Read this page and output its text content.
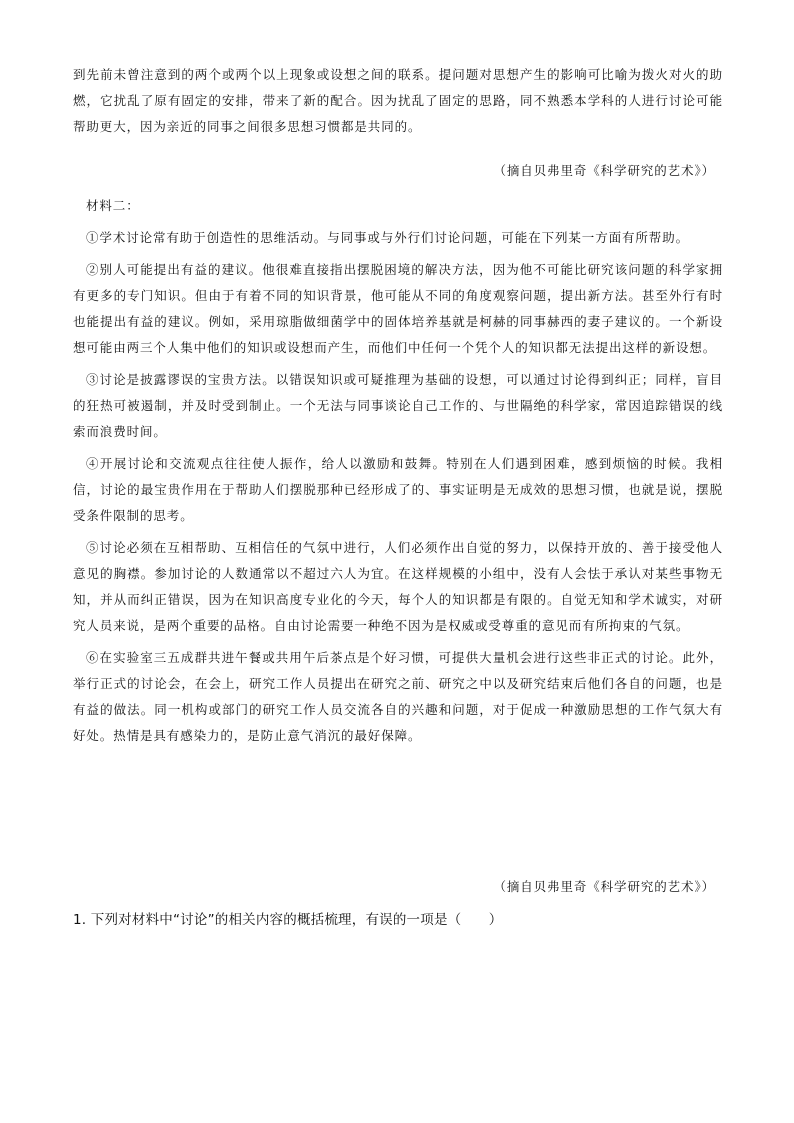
到先前未曾注意到的两个或两个以上现象或设想之间的联系。提问题对思想产生的影响可比喻为拨火对火的助燃，它扰乱了原有固定的安排，带来了新的配合。因为扰乱了固定的思路，同不熟悉本学科的人进行讨论可能帮助更大，因为亲近的同事之间很多思想习惯都是共同的。

（摘自贝弗里奇《科学研究的艺术》）

材料二：

①学术讨论常有助于创造性的思维活动。与同事或与外行们讨论问题，可能在下列某一方面有所帮助。

②别人可能提出有益的建议。他很难直接指出摆脱困境的解决方法，因为他不可能比研究该问题的科学家拥有更多的专门知识。但由于有着不同的知识背景，他可能从不同的角度观察问题，提出新方法。甚至外行有时也能提出有益的建议。例如，采用琼脂做细菌学中的固体培养基就是柯赫的同事赫西的妻子建议的。一个新设想可能由两三个人集中他们的知识或设想而产生，而他们中任何一个凭个人的知识都无法提出这样的新设想。

③讨论是披露谬误的宝贵方法。以错误知识或可疑推理为基础的设想，可以通过讨论得到纠正；同样，盲目的狂热可被遏制，并及时受到制止。一个无法与同事谈论自己工作的、与世隔绝的科学家，常因追踪错误的线索而浪费时间。

④开展讨论和交流观点往往使人振作，给人以激励和鼓舞。特别在人们遇到困难，感到烦恼的时候。我相信，讨论的最宝贵作用在于帮助人们摆脱那种已经形成了的、事实证明是无成效的思想习惯，也就是说，摆脱受条件限制的思考。

⑤讨论必须在互相帮助、互相信任的气氛中进行，人们必须作出自觉的努力，以保持开放的、善于接受他人意见的胸襟。参加讨论的人数通常以不超过六人为宜。在这样规模的小组中，没有人会怯于承认对某些事物无知，并从而纠正错误，因为在知识高度专业化的今天，每个人的知识都是有限的。自觉无知和学术诚实，对研究人员来说，是两个重要的品格。自由讨论需要一种绝不因为是权威或受尊重的意见而有所拘束的气氛。

⑥在实验室三五成群共进午餐或共用午后茶点是个好习惯，可提供大量机会进行这些非正式的讨论。此外，举行正式的讨论会，在会上，研究工作人员提出在研究之前、研究之中以及研究结束后他们各自的问题，也是有益的做法。同一机构或部门的研究工作人员交流各自的兴趣和问题，对于促成一种激励思想的工作气氛大有好处。热情是具有感染力的，是防止意气消沉的最好保障。

（摘自贝弗里奇《科学研究的艺术》）
1. 下列对材料中“讨论”的相关内容的概括梳理，有误的一项是（　　）
